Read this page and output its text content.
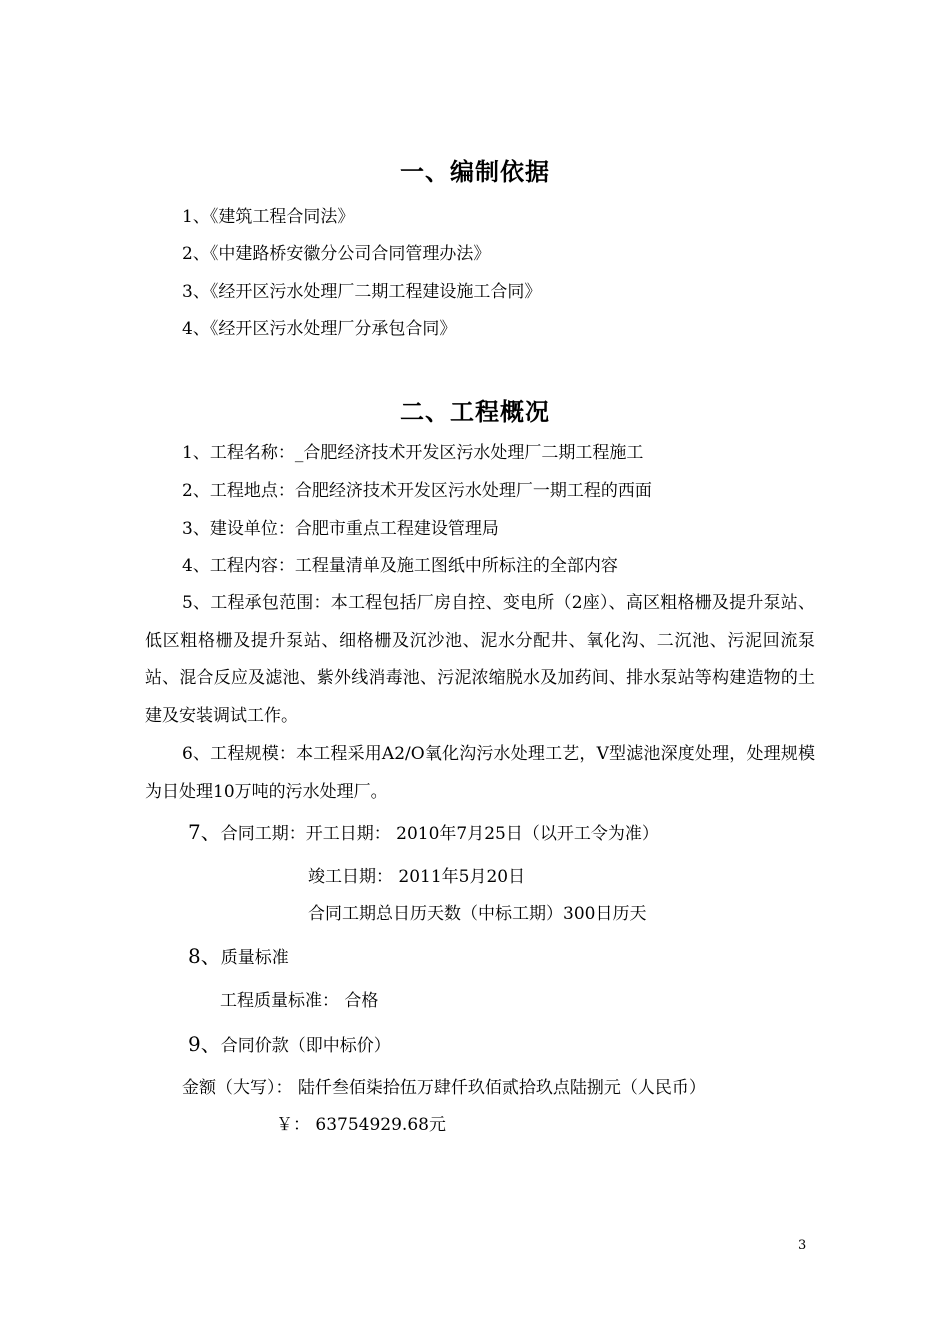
一、编制依据
1、《建筑工程合同法》
2、《中建路桥安徽分公司合同管理办法》
3、《经开区污水处理厂二期工程建设施工合同》
4、《经开区污水处理厂分承包合同》
二、工程概况
1、工程名称：_合肥经济技术开发区污水处理厂二期工程施工
2、工程地点：合肥经济技术开发区污水处理厂一期工程的西面
3、建设单位：合肥市重点工程建设管理局
4、工程内容：工程量清单及施工图纸中所标注的全部内容
5、工程承包范围：本工程包括厂房自控、变电所（2座）、高区粗格栅及提升泵站、低区粗格栅及提升泵站、细格栅及沉沙池、泥水分配井、氧化沟、二沉池、污泥回流泵站、混合反应及滤池、紫外线消毒池、污泥浓缩脱水及加药间、排水泵站等构建造物的土建及安装调试工作。
6、工程规模：本工程采用A2/O氧化沟污水处理工艺，V型滤池深度处理，处理规模为日处理10万吨的污水处理厂。
7、合同工期：开工日期： 2010年7月25日（以开工令为准）
竣工日期： 2011年5月20日
合同工期总日历天数（中标工期）300日历天
8、质量标准
工程质量标准： 合格
9、合同价款（即中标价）
金额（大写）： 陆仟叁佰柒拾伍万肆仟玖佰贰拾玖点陆捌元（人民币）
￥： 63754929.68元
3
